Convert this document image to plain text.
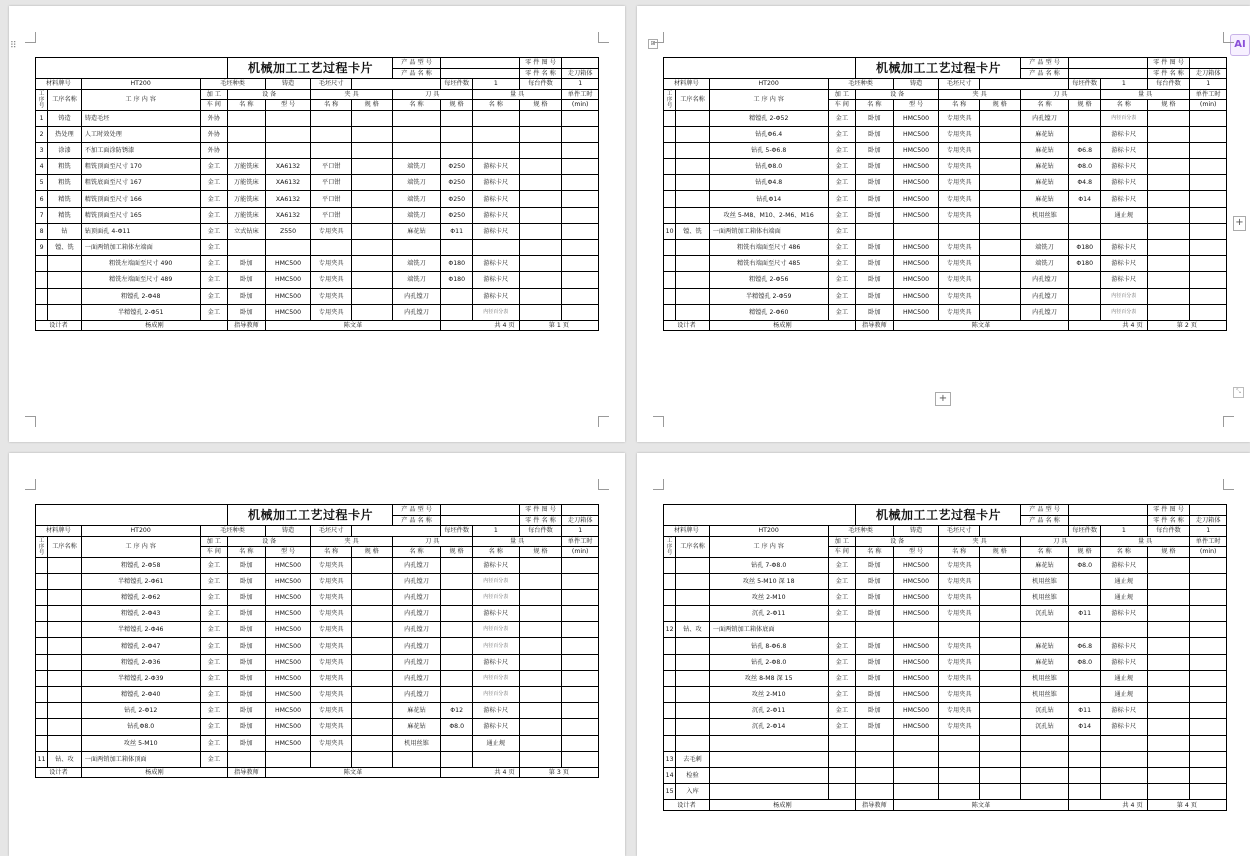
⠿
				机械加工工艺过程卡片				产 品 型 号			零 件 图 号	
								产 品 名 称			零 件 名 称	走刀箱体
材料牌号		HT200	毛坯种类		铸造	毛坯尺寸			每坯件数	1	每台件数	1
工序号	工序名称	工 序 内 容	加 工	设 备		夹 具		刀 具		量 具		单件工时
			车 间	名 称	型 号	名 称	规 格	名 称	规 格	名 称	规 格	(min)
1	铸造	铸造毛坯	外协									
2	热处理	人工时效处理	外协									
3	涂漆	不加工面涂防锈漆	外协									
4	粗铣	粗铣顶面至尺寸 170	金工	万能铣床	XA6132	平口钳		端铣刀	Φ250	游标卡尺		
5	粗铣	粗铣底面至尺寸 167	金工	万能铣床	XA6132	平口钳		端铣刀	Φ250	游标卡尺		
6	精铣	精铣顶面至尺寸 166	金工	万能铣床	XA6132	平口钳		端铣刀	Φ250	游标卡尺		
7	精铣	精铣顶面至尺寸 165	金工	万能铣床	XA6132	平口钳		端铣刀	Φ250	游标卡尺		
8	钻	钻顶面孔 4-Φ11	金工	立式钻床	Z550	专用夹具		麻花钻	Φ11	游标卡尺		
9	镗、铣	一面两销加工箱体左端面	金工									
		粗铣左端面至尺寸 490	金工	卧加	HMC500	专用夹具		端铣刀	Φ180	游标卡尺		
		精铣左端面至尺寸 489	金工	卧加	HMC500	专用夹具		端铣刀	Φ180	游标卡尺		
		粗镗孔 2-Φ48	金工	卧加	HMC500	专用夹具		内孔镗刀		游标卡尺		
		半精镗孔 2-Φ51	金工	卧加	HMC500	专用夹具		内孔镗刀		内径百分表		
设计者		杨成刚		指导教师	陈文革				共 4 页		第 1 页	
⊞	AI
+
+
⤡
				机械加工工艺过程卡片				产 品 型 号			零 件 图 号	
								产 品 名 称			零 件 名 称	走刀箱体
材料牌号		HT200	毛坯种类		铸造	毛坯尺寸			每坯件数	1	每台件数	1
工序号	工序名称	工 序 内 容	加 工	设 备		夹 具		刀 具		量 具		单件工时
			车 间	名 称	型 号	名 称	规 格	名 称	规 格	名 称	规 格	(min)
		精镗孔 2-Φ52	金工	卧加	HMC500	专用夹具		内孔镗刀		内径百分表		
		钻孔Φ6.4	金工	卧加	HMC500	专用夹具		麻花钻		游标卡尺		
		钻孔 5-Φ6.8	金工	卧加	HMC500	专用夹具		麻花钻	Φ6.8	游标卡尺		
		钻孔Φ8.0	金工	卧加	HMC500	专用夹具		麻花钻	Φ8.0	游标卡尺		
		钻孔Φ4.8	金工	卧加	HMC500	专用夹具		麻花钻	Φ4.8	游标卡尺		
		钻孔Φ14	金工	卧加	HMC500	专用夹具		麻花钻	Φ14	游标卡尺		
		攻丝 5-M8、M10、2-M6、M16	金工	卧加	HMC500	专用夹具		机用丝锥		通止规		
10	镗、铣	一面两销加工箱体右端面	金工									
		粗铣右端面至尺寸 486	金工	卧加	HMC500	专用夹具		端铣刀	Φ180	游标卡尺		
		精铣右端面至尺寸 485	金工	卧加	HMC500	专用夹具		端铣刀	Φ180	游标卡尺		
		粗镗孔 2-Φ56	金工	卧加	HMC500	专用夹具		内孔镗刀		游标卡尺		
		半精镗孔 2-Φ59	金工	卧加	HMC500	专用夹具		内孔镗刀		内径百分表		
		精镗孔 2-Φ60	金工	卧加	HMC500	专用夹具		内孔镗刀		内径百分表		
设计者		杨成刚		指导教师	陈文革				共 4 页		第 2 页	
				机械加工工艺过程卡片				产 品 型 号			零 件 图 号	
								产 品 名 称			零 件 名 称	走刀箱体
材料牌号		HT200	毛坯种类		铸造	毛坯尺寸			每坯件数	1	每台件数	1
工序号	工序名称	工 序 内 容	加 工	设 备		夹 具		刀 具		量 具		单件工时
			车 间	名 称	型 号	名 称	规 格	名 称	规 格	名 称	规 格	(min)
		粗镗孔 2-Φ58	金工	卧加	HMC500	专用夹具		内孔镗刀		游标卡尺		
		半精镗孔 2-Φ61	金工	卧加	HMC500	专用夹具		内孔镗刀		内径百分表		
		精镗孔 2-Φ62	金工	卧加	HMC500	专用夹具		内孔镗刀		内径百分表		
		粗镗孔 2-Φ43	金工	卧加	HMC500	专用夹具		内孔镗刀		游标卡尺		
		半精镗孔 2-Φ46	金工	卧加	HMC500	专用夹具		内孔镗刀		内径百分表		
		精镗孔 2-Φ47	金工	卧加	HMC500	专用夹具		内孔镗刀		内径百分表		
		粗镗孔 2-Φ36	金工	卧加	HMC500	专用夹具		内孔镗刀		游标卡尺		
		半精镗孔 2-Φ39	金工	卧加	HMC500	专用夹具		内孔镗刀		内径百分表		
		精镗孔 2-Φ40	金工	卧加	HMC500	专用夹具		内孔镗刀		内径百分表		
		钻孔 2-Φ12	金工	卧加	HMC500	专用夹具		麻花钻	Φ12	游标卡尺		
		钻孔Φ8.0	金工	卧加	HMC500	专用夹具		麻花钻	Φ8.0	游标卡尺		
		攻丝 5-M10	金工	卧加	HMC500	专用夹具		机用丝锥		通止规		
11	钻、攻	一面两销加工箱体顶面	金工									
设计者		杨成刚		指导教师	陈文革				共 4 页		第 3 页	
				机械加工工艺过程卡片				产 品 型 号			零 件 图 号	
								产 品 名 称			零 件 名 称	走刀箱体
材料牌号		HT200	毛坯种类		铸造	毛坯尺寸			每坯件数	1	每台件数	1
工序号	工序名称	工 序 内 容	加 工	设 备		夹 具		刀 具		量 具		单件工时
			车 间	名 称	型 号	名 称	规 格	名 称	规 格	名 称	规 格	(min)
		钻孔 7-Φ8.0	金工	卧加	HMC500	专用夹具		麻花钻	Φ8.0	游标卡尺		
		攻丝 5-M10 深 18	金工	卧加	HMC500	专用夹具		机用丝锥		通止规		
		攻丝 2-M10	金工	卧加	HMC500	专用夹具		机用丝锥		通止规		
		沉孔 2-Φ11	金工	卧加	HMC500	专用夹具		沉孔钻	Φ11	游标卡尺		
12	钻、攻	一面两销加工箱体底面										
		钻孔 8-Φ6.8	金工	卧加	HMC500	专用夹具		麻花钻	Φ6.8	游标卡尺		
		钻孔 2-Φ8.0	金工	卧加	HMC500	专用夹具		麻花钻	Φ8.0	游标卡尺		
		攻丝 8-M8 深 15	金工	卧加	HMC500	专用夹具		机用丝锥		通止规		
		攻丝 2-M10	金工	卧加	HMC500	专用夹具		机用丝锥		通止规		
		沉孔 2-Φ11	金工	卧加	HMC500	专用夹具		沉孔钻	Φ11	游标卡尺		
		沉孔 2-Φ14	金工	卧加	HMC500	专用夹具		沉孔钻	Φ14	游标卡尺		

13	去毛刺											
14	检验											
15	入库											
设计者		杨成刚		指导教师	陈文革				共 4 页		第 4 页	
